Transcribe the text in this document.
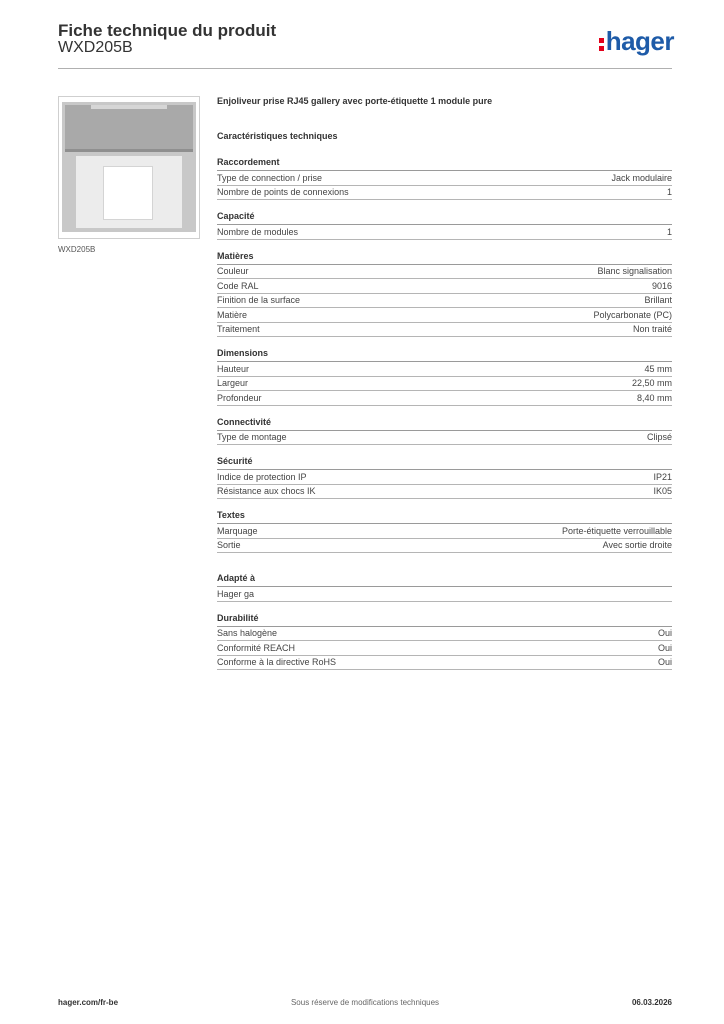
Fiche technique du produit
WXD205B	hager
WXD205B
Enjoliveur prise RJ45 gallery avec porte-étiquette 1 module pure
Caractéristiques techniques
Raccordement
Type de connection / prise	Jack modulaire
Nombre de points de connexions	1
Capacité
Nombre de modules	1
Matières
Couleur	Blanc signalisation
Code RAL	9016
Finition de la surface	Brillant
Matière	Polycarbonate (PC)
Traitement	Non traité
Dimensions
Hauteur	45 mm
Largeur	22,50 mm
Profondeur	8,40 mm
Connectivité
Type de montage	Clipsé
Sécurité
Indice de protection IP	IP21
Résistance aux chocs IK	IK05
Textes
Marquage	Porte-étiquette verrouillable
Sortie	Avec sortie droite
Adapté à
Hager ga
Durabilité
Sans halogène	Oui
Conformité REACH	Oui
Conforme à la directive RoHS	Oui
hager.com/fr-be	Sous réserve de modifications techniques	06.03.2026
